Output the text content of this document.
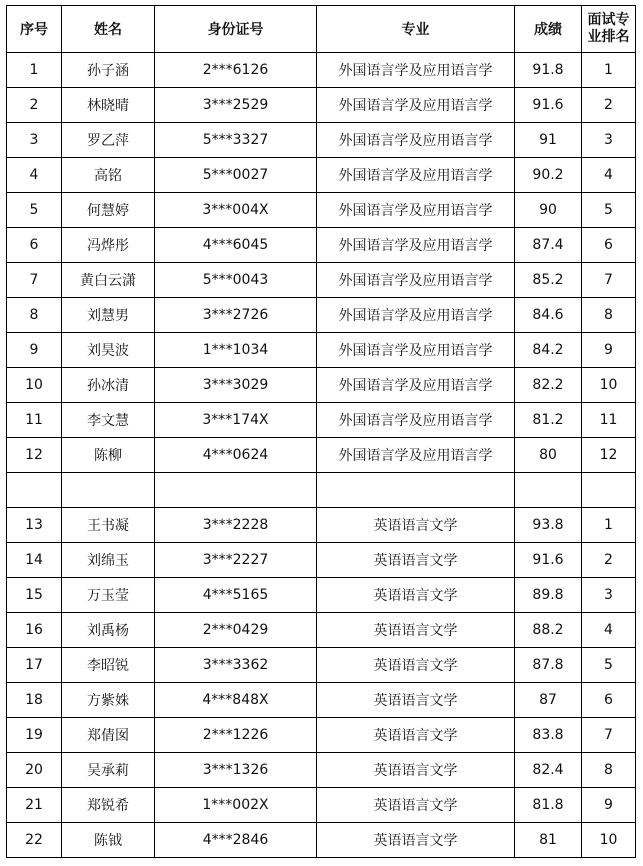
序号	姓名	身份证号	专业	成绩	面试专业排名
1	孙子涵	2***6126	外国语言学及应用语言学	91.8	1
2	林晓晴	3***2529	外国语言学及应用语言学	91.6	2
3	罗乙萍	5***3327	外国语言学及应用语言学	91	3
4	高铭	5***0027	外国语言学及应用语言学	90.2	4
5	何慧婷	3***004X	外国语言学及应用语言学	90	5
6	冯烨彤	4***6045	外国语言学及应用语言学	87.4	6
7	黄白云潇	5***0043	外国语言学及应用语言学	85.2	7
8	刘慧男	3***2726	外国语言学及应用语言学	84.6	8
9	刘昊波	1***1034	外国语言学及应用语言学	84.2	9
10	孙冰清	3***3029	外国语言学及应用语言学	82.2	10
11	李文慧	3***174X	外国语言学及应用语言学	81.2	11
12	陈柳	4***0624	外国语言学及应用语言学	80	12

13	王书凝	3***2228	英语语言文学	93.8	1
14	刘绵玉	3***2227	英语语言文学	91.6	2
15	万玉莹	4***5165	英语语言文学	89.8	3
16	刘禹杨	2***0429	英语语言文学	88.2	4
17	李昭锐	3***3362	英语语言文学	87.8	5
18	方紫姝	4***848X	英语语言文学	87	6
19	郑倩囡	2***1226	英语语言文学	83.8	7
20	吴承莉	3***1326	英语语言文学	82.4	8
21	郑锐希	1***002X	英语语言文学	81.8	9
22	陈钺	4***2846	英语语言文学	81	10
